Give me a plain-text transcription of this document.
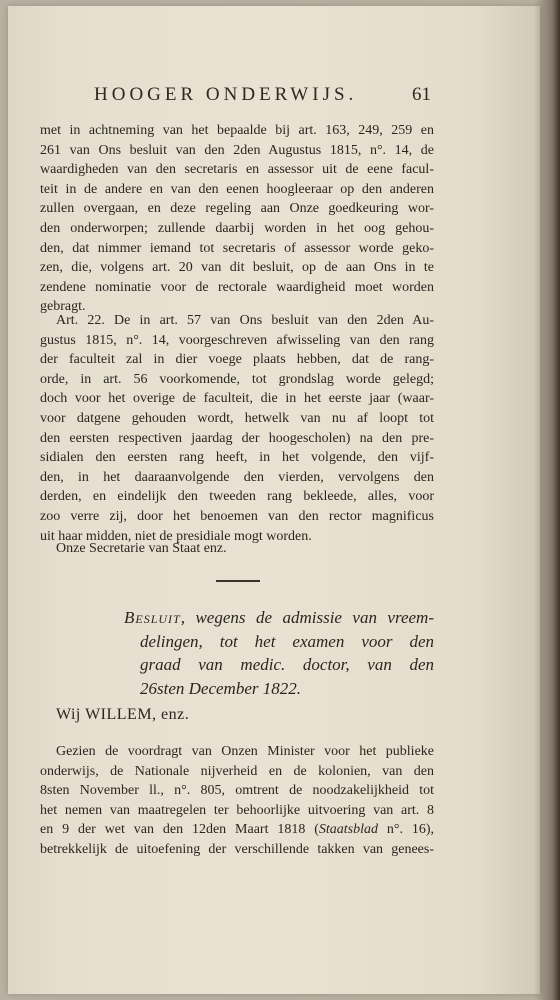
HOOGER ONDERWIJS.	61
met in achtneming van het bepaalde bij art. 163, 249, 259 en
261 van Ons besluit van den 2den Augustus 1815, n°. 14, de
waardigheden van den secretaris en assessor uit de eene facul-
teit in de andere en van den eenen hoogleeraar op den anderen
zullen overgaan, en deze regeling aan Onze goedkeuring wor-
den onderworpen; zullende daarbij worden in het oog gehou-
den, dat nimmer iemand tot secretaris of assessor worde geko-
zen, die, volgens art. 20 van dit besluit, op de aan Ons in te
zendene nominatie voor de rectorale waardigheid moet worden
gebragt.
Art. 22. De in art. 57 van Ons besluit van den 2den Au-
gustus 1815, n°. 14, voorgeschreven afwisseling van den rang
der faculteit zal in dier voege plaats hebben, dat de rang-
orde, in art. 56 voorkomende, tot grondslag worde gelegd;
doch voor het overige de faculteit, die in het eerste jaar (waar-
voor datgene gehouden wordt, hetwelk van nu af loopt tot
den eersten respectiven jaardag der hoogescholen) na den pre-
sidialen den eersten rang heeft, in het volgende, den vijf-
den, in het daaraanvolgende den vierden, vervolgens den
derden, en eindelijk den tweeden rang bekleede, alles, voor
zoo verre zij, door het benoemen van den rector magnificus
uit haar midden, niet de presidiale mogt worden.
Onze Secretarie van Staat enz.
Besluit, wegens de admissie van vreem-
delingen, tot het examen voor den
graad van medic. doctor, van den
26sten December 1822.
Wij WILLEM, enz.
Gezien de voordragt van Onzen Minister voor het publieke
onderwijs, de Nationale nijverheid en de kolonien, van den
8sten November ll., n°. 805, omtrent de noodzakelijkheid tot
het nemen van maatregelen ter behoorlijke uitvoering van art. 8
en 9 der wet van den 12den Maart 1818 (Staatsblad n°. 16),
betrekkelijk de uitoefening der verschillende takken van genees-
